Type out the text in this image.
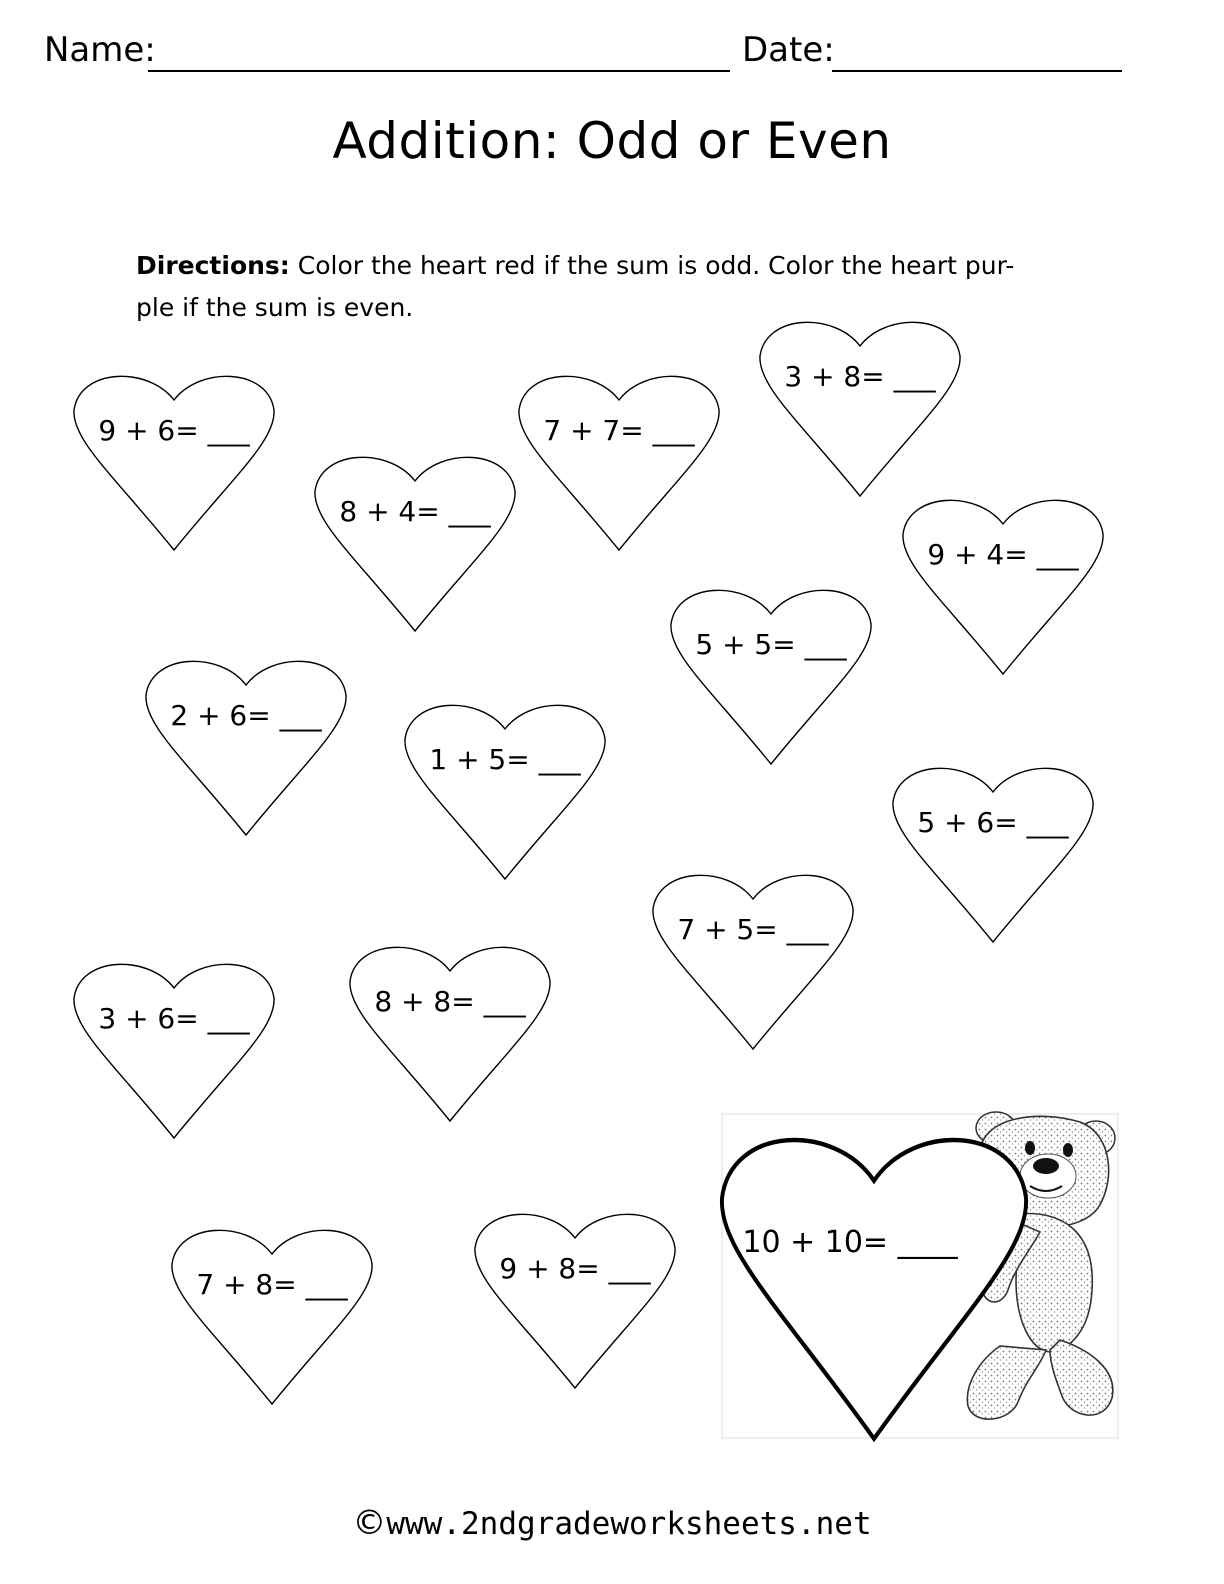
Name:	Date:
Addition: Odd or Even
Directions: Color the heart red if the sum is odd. Color the heart pur-
ple if the sum is even.
9 + 6= ___
3 + 8= ___
7 + 7= ___
8 + 4= ___
9 + 4= ___
5 + 5= ___
2 + 6= ___
1 + 5= ___
5 + 6= ___
7 + 5= ___
3 + 6= ___
8 + 8= ___
7 + 8= ___	9 + 8= ___
10 + 10= ____
©www.2ndgradeworksheets.net
